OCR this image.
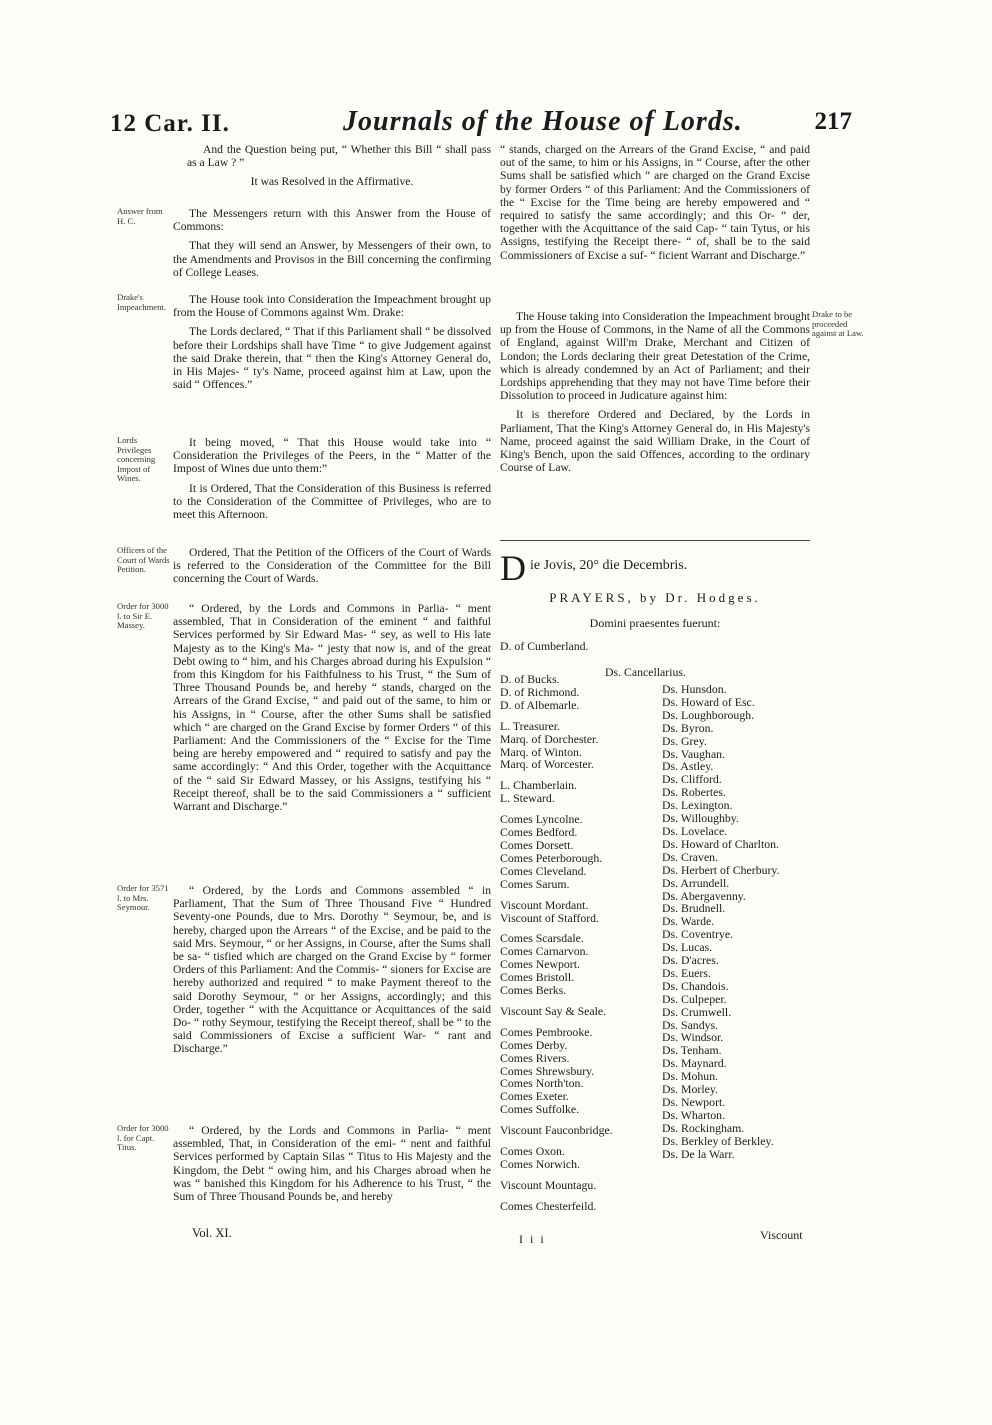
12 Car. II.	Journals of the House of Lords.	217

And the Question being put, “ Whether this Bill “ shall pass as a Law ? ”

It was Resolved in the Affirmative.

Answer from H. C.

The Messengers return with this Answer from the House of Commons:

That they will send an Answer, by Messengers of their own, to the Amendments and Provisos in the Bill concerning the confirming of College Leases.

Drake's Impeachment.

The House took into Consideration the Impeachment brought up from the House of Commons against Wm. Drake:

The Lords declared, “ That if this Parliament shall “ be dissolved before their Lordships shall have Time “ to give Judgement against the said Drake therein, that “ then the King's Attorney General do, in His Majes- “ ty's Name, proceed against him at Law, upon the said “ Offences.”

Lords Privileges concerning Impost of Wines.

It being moved, “ That this House would take into “ Consideration the Privileges of the Peers, in the “ Matter of the Impost of Wines due unto them:”

It is Ordered, That the Consideration of this Business is referred to the Consideration of the Committee of Privileges, who are to meet this Afternoon.

Officers of the Court of Wards Petition.

Ordered, That the Petition of the Officers of the Court of Wards is referred to the Consideration of the Committee for the Bill concerning the Court of Wards.

Order for 3000 l. to Sir E. Massey.

“ Ordered, by the Lords and Commons in Parlia- “ ment assembled, That in Consideration of the eminent “ and faithful Services performed by Sir Edward Mas- “ sey, as well to His late Majesty as to the King's Ma- “ jesty that now is, and of the great Debt owing to “ him, and his Charges abroad during his Expulsion “ from this Kingdom for his Faithfulness to his Trust, “ the Sum of Three Thousand Pounds be, and hereby “ stands, charged on the Arrears of the Grand Excise, “ and paid out of the same, to him or his Assigns, in “ Course, after the other Sums shall be satisfied which “ are charged on the Grand Excise by former Orders “ of this Parliament: And the Commissioners of the “ Excise for the Time being are hereby empowered and “ required to satisfy and pay the same accordingly: “ And this Order, together with the Acquittance of the “ said Sir Edward Massey, or his Assigns, testifying his “ Receipt thereof, shall be to the said Commissioners a “ sufficient Warrant and Discharge.”

Order for 3571 l. to Mrs. Seymour.

“ Ordered, by the Lords and Commons assembled “ in Parliament, That the Sum of Three Thousand Five “ Hundred Seventy-one Pounds, due to Mrs. Dorothy “ Seymour, be, and is hereby, charged upon the Arrears “ of the Excise, and be paid to the said Mrs. Seymour, “ or her Assigns, in Course, after the Sums shall be sa- “ tisfied which are charged on the Grand Excise by “ former Orders of this Parliament: And the Commis- “ sioners for Excise are hereby authorized and required “ to make Payment thereof to the said Dorothy Seymour, “ or her Assigns, accordingly; and this Order, together “ with the Acquittance or Acquittances of the said Do- “ rothy Seymour, testifying the Receipt thereof, shall be “ to the said Commissioners of Excise a sufficient War- “ rant and Discharge.”

Order for 3000 l. for Capt. Titus.

“ Ordered, by the Lords and Commons in Parlia- “ ment assembled, That, in Consideration of the emi- “ nent and faithful Services performed by Captain Silas “ Titus to His Majesty and the Kingdom, the Debt “ owing him, and his Charges abroad when he was “ banished this Kingdom for his Adherence to his Trust, “ the Sum of Three Thousand Pounds be, and hereby

Vol. XI.

“ stands, charged on the Arrears of the Grand Excise, “ and paid out of the same, to him or his Assigns, in “ Course, after the other Sums shall be satisfied which “ are charged on the Grand Excise by former Orders “ of this Parliament: And the Commissioners of the “ Excise for the Time being are hereby empowered and “ required to satisfy the same accordingly; and this Or- “ der, together with the Acquittance of the said Cap- “ tain Tytus, or his Assigns, testifying the Receipt there- “ of, shall be to the said Commissioners of Excise a suf- “ ficient Warrant and Discharge.”

Drake to be proceeded against at Law.

The House taking into Consideration the Impeachment brought up from the House of Commons, in the Name of all the Commons of England, against Will'm Drake, Merchant and Citizen of London; the Lords declaring their great Detestation of the Crime, which is already condemned by an Act of Parliament; and their Lordships apprehending that they may not have Time before their Dissolution to proceed in Judicature against him:

It is therefore Ordered and Declared, by the Lords in Parliament, That the King's Attorney General do, in His Majesty's Name, proceed against the said William Drake, in the Court of King's Bench, upon the said Offences, according to the ordinary Course of Law.

D ie Jovis, 20° die Decembris.
PRAYERS, by Dr. Hodges.
Domini praesentes fuerunt:
D. of Cumberland.
Ds. Cancellarius.
D. of Bucks.
D. of Richmond.
D. of Albemarle.
L. Treasurer.
Marq. of Dorchester.
Marq. of Winton.
Marq. of Worcester.
L. Chamberlain.
L. Steward.
Comes Lyncolne.
Comes Bedford.
Comes Dorsett.
Comes Peterborough.
Comes Cleveland.
Comes Sarum.
Viscount Mordant.
Viscount of Stafford.
Comes Scarsdale.
Comes Carnarvon.
Comes Newport.
Comes Bristoll.
Comes Berks.
Viscount Say & Seale.
Comes Pembrooke.
Comes Derby.
Comes Rivers.
Comes Shrewsbury.
Comes North'ton.
Comes Exeter.
Comes Suffolke.
Viscount Fauconbridge.
Comes Oxon.
Comes Norwich.
Viscount Mountagu.
Comes Chesterfeild.
Ds. Hunsdon.
Ds. Howard of Esc.
Ds. Loughborough.
Ds. Byron.
Ds. Grey.
Ds. Vaughan.
Ds. Astley.
Ds. Clifford.
Ds. Robertes.
Ds. Lexington.
Ds. Willoughby.
Ds. Lovelace.
Ds. Howard of Charlton.
Ds. Craven.
Ds. Herbert of Cherbury.
Ds. Arrundell.
Ds. Abergavenny.
Ds. Brudnell.
Ds. Warde.
Ds. Coventrye.
Ds. Lucas.
Ds. D'acres.
Ds. Euers.
Ds. Chandois.
Ds. Culpeper.
Ds. Crumwell.
Ds. Sandys.
Ds. Windsor.
Ds. Tenham.
Ds. Maynard.
Ds. Mohun.
Ds. Morley.
Ds. Newport.
Ds. Wharton.
Ds. Rockingham.
Ds. Berkley of Berkley.
Ds. De la Warr.
I i i	Viscount
